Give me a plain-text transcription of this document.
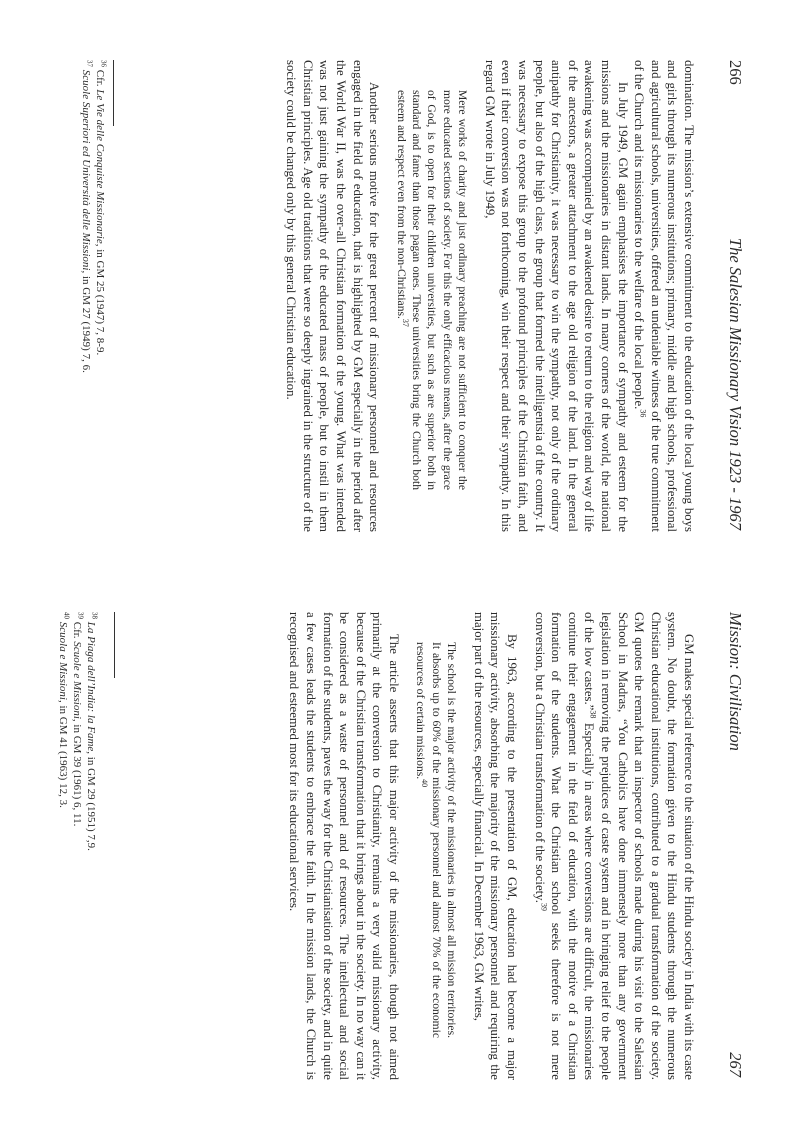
266
The Salesian Missionary Vision 1923 - 1967

domination. The mission’s extensive commitment to the education of the local young boys and girls through its numerous institutions; primary, middle and high schools, professional and agricultural schools, universities, offered an undeniable witness of the true commitment of the Church and its missionaries to the welfare of the local people.$^{36}$

In July 1949, GM again emphasises the importance of sympathy and esteem for the missions and the missionaries in distant lands. In many corners of the world, the national awakening was accompanied by an awakened desire to return to the religion and way of life of the ancestors, a greater attachment to the age old religion of the land. In the general antipathy for Christianity, it was necessary to win the sympathy, not only of the ordinary people, but also of the high class, the group that formed the intelligentsia of the country. It was necessary to expose this group to the profound principles of the Christian faith, and even if their conversion was not forthcoming, win their respect and their sympathy. In this regard GM wrote in July 1949,

Mere works of charity and just ordinary preaching are not sufficient to conquer the more educated sections of society. For this the only efficacious means, after the grace of God, is to open for their children universities, but such as are superior both in standard and fame than those pagan ones. These universities bring the Church both esteem and respect even from the non-Christians.$^{37}$

Another serious motive for the great percent of missionary personnel and resources engaged in the field of education, that is highlighted by GM especially in the period after the World War II, was the over-all Christian formation of the young. What was intended was not just gaining the sympathy of the educated mass of people, but to instil in them Christian principles. Age old traditions that were so deeply ingrained in the structure of the society could be changed only by this general Christian education.

$^{36}$ Cfr. Le Vie delle Conquiste Missionarie, in GM 25 (1947) 7, 8-9.
$^{37}$ Scuole Superiori ed Università delle Missioni, in GM 27 (1949) 7, 6.
Mission: Civilisation
267

GM makes special reference to the situation of the Hindu society in India with its caste system. No doubt, the formation given to the Hindu students through the numerous Christian educational institutions, contributed to a gradual transformation of the society. GM quotes the remark that an inspector of schools made during his visit to the Salesian School in Madras, “You Catholics have done immensely more than any government legislation in removing the prejudices of caste system and in bringing relief to the people of the low castes.”$^{38}$ Especially in areas where conversions are difficult, the missionaries continue their engagement in the field of education, with the motive of a Christian formation of the students. What the Christian school seeks therefore is not mere conversion, but a Christian transformation of the society.$^{39}$

By 1963, according to the presentation of GM, education had become a major missionary activity, absorbing the majority of the missionary personnel and requiring the major part of the resources, especially financial. In December 1963, GM writes,

The school is the major activity of the missionaries in almost all mission territories. It absorbs up to 60% of the missionary personnel and almost 70% of the economic resources of certain missions.$^{40}$

The article asserts that this major activity of the missionaries, though not aimed primarily at the conversion to Christianity, remains a very valid missionary activity, because of the Christian transformation that it brings about in the society. In no way can it be considered as a waste of personnel and of resources. The intellectual and social formation of the students, paves the way for the Christianisation of the society, and in quite a few cases leads the students to embrace the faith. In the mission lands, the Church is recognised and esteemed most for its educational services.

$^{38}$ La Piaga dell’India: la Fame, in GM 29 (1951) 7,9.
$^{39}$ Cfr. Scuole e Missioni, in GM 39 (1961) 6, 11.
$^{40}$ Scuola e Missioni, in GM 41 (1963) 12, 3.
